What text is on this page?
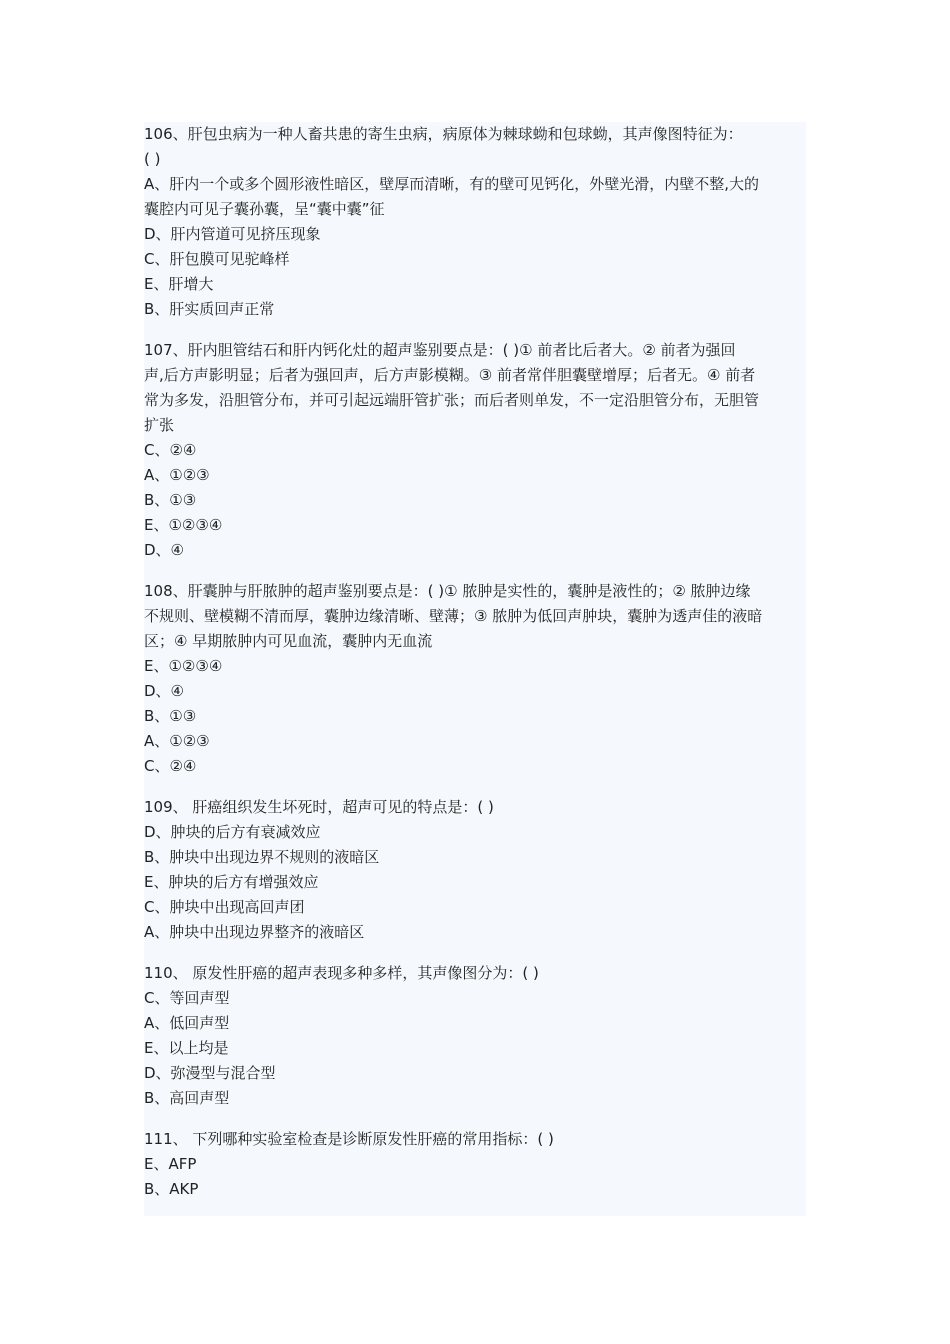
106、肝包虫病为一种人畜共患的寄生虫病，病原体为棘球蚴和包球蚴，其声像图特征为：
( )
A、肝内一个或多个圆形液性暗区，壁厚而清晰，有的壁可见钙化，外壁光滑，内壁不整,大的
囊腔内可见子囊孙囊，呈“囊中囊”征
D、肝内管道可见挤压现象
C、肝包膜可见驼峰样
E、肝增大
B、肝实质回声正常
107、肝内胆管结石和肝内钙化灶的超声鉴别要点是：( )① 前者比后者大。② 前者为强回
声,后方声影明显；后者为强回声，后方声影模糊。③ 前者常伴胆囊壁增厚；后者无。④ 前者
常为多发，沿胆管分布，并可引起远端肝管扩张；而后者则单发，不一定沿胆管分布，无胆管
扩张
C、②④
A、①②③
B、①③
E、①②③④
D、④
108、肝囊肿与肝脓肿的超声鉴别要点是：( )① 脓肿是实性的，囊肿是液性的；② 脓肿边缘
不规则、壁模糊不清而厚，囊肿边缘清晰、壁薄；③ 脓肿为低回声肿块，囊肿为透声佳的液暗
区；④ 早期脓肿内可见血流，囊肿内无血流
E、①②③④
D、④
B、①③
A、①②③
C、②④
109、 肝癌组织发生坏死时，超声可见的特点是：( )
D、肿块的后方有衰减效应
B、肿块中出现边界不规则的液暗区
E、肿块的后方有增强效应
C、肿块中出现高回声团
A、肿块中出现边界整齐的液暗区
110、 原发性肝癌的超声表现多种多样，其声像图分为：( )
C、等回声型
A、低回声型
E、以上均是
D、弥漫型与混合型
B、高回声型
111、 下列哪种实验室检查是诊断原发性肝癌的常用指标：( )
E、AFP
B、AKP
